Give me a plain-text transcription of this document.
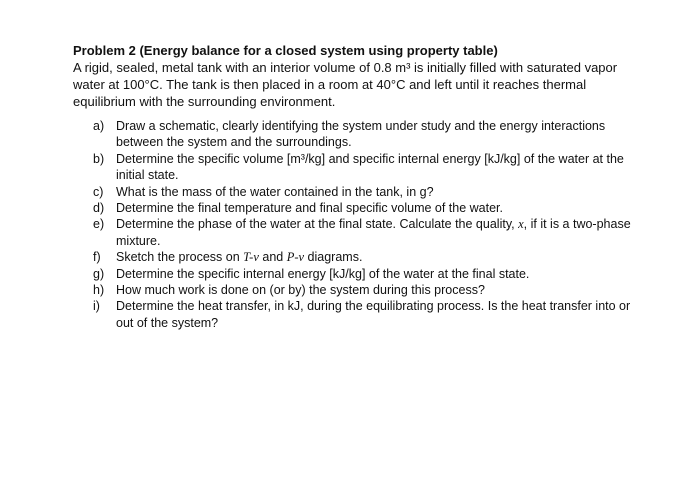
Problem 2 (Energy balance for a closed system using property table)

A rigid, sealed, metal tank with an interior volume of 0.8 m³ is initially filled with saturated vapor water at 100°C. The tank is then placed in a room at 40°C and left until it reaches thermal equilibrium with the surrounding environment.

a) Draw a schematic, clearly identifying the system under study and the energy interactions between the system and the surroundings.
b) Determine the specific volume [m³/kg] and specific internal energy [kJ/kg] of the water at the initial state.
c)	What is the mass of the water contained in the tank, in g?
d) Determine the final temperature and final specific volume of the water.
e) Determine the phase of the water at the final state. Calculate the quality, x, if it is a two-phase mixture.
f)	Sketch the process on T-v and P-v diagrams.
g) Determine the specific internal energy [kJ/kg] of the water at the final state.
h) How much work is done on (or by) the system during this process?
i)	Determine the heat transfer, in kJ, during the equilibrating process. Is the heat transfer into or out of the system?
